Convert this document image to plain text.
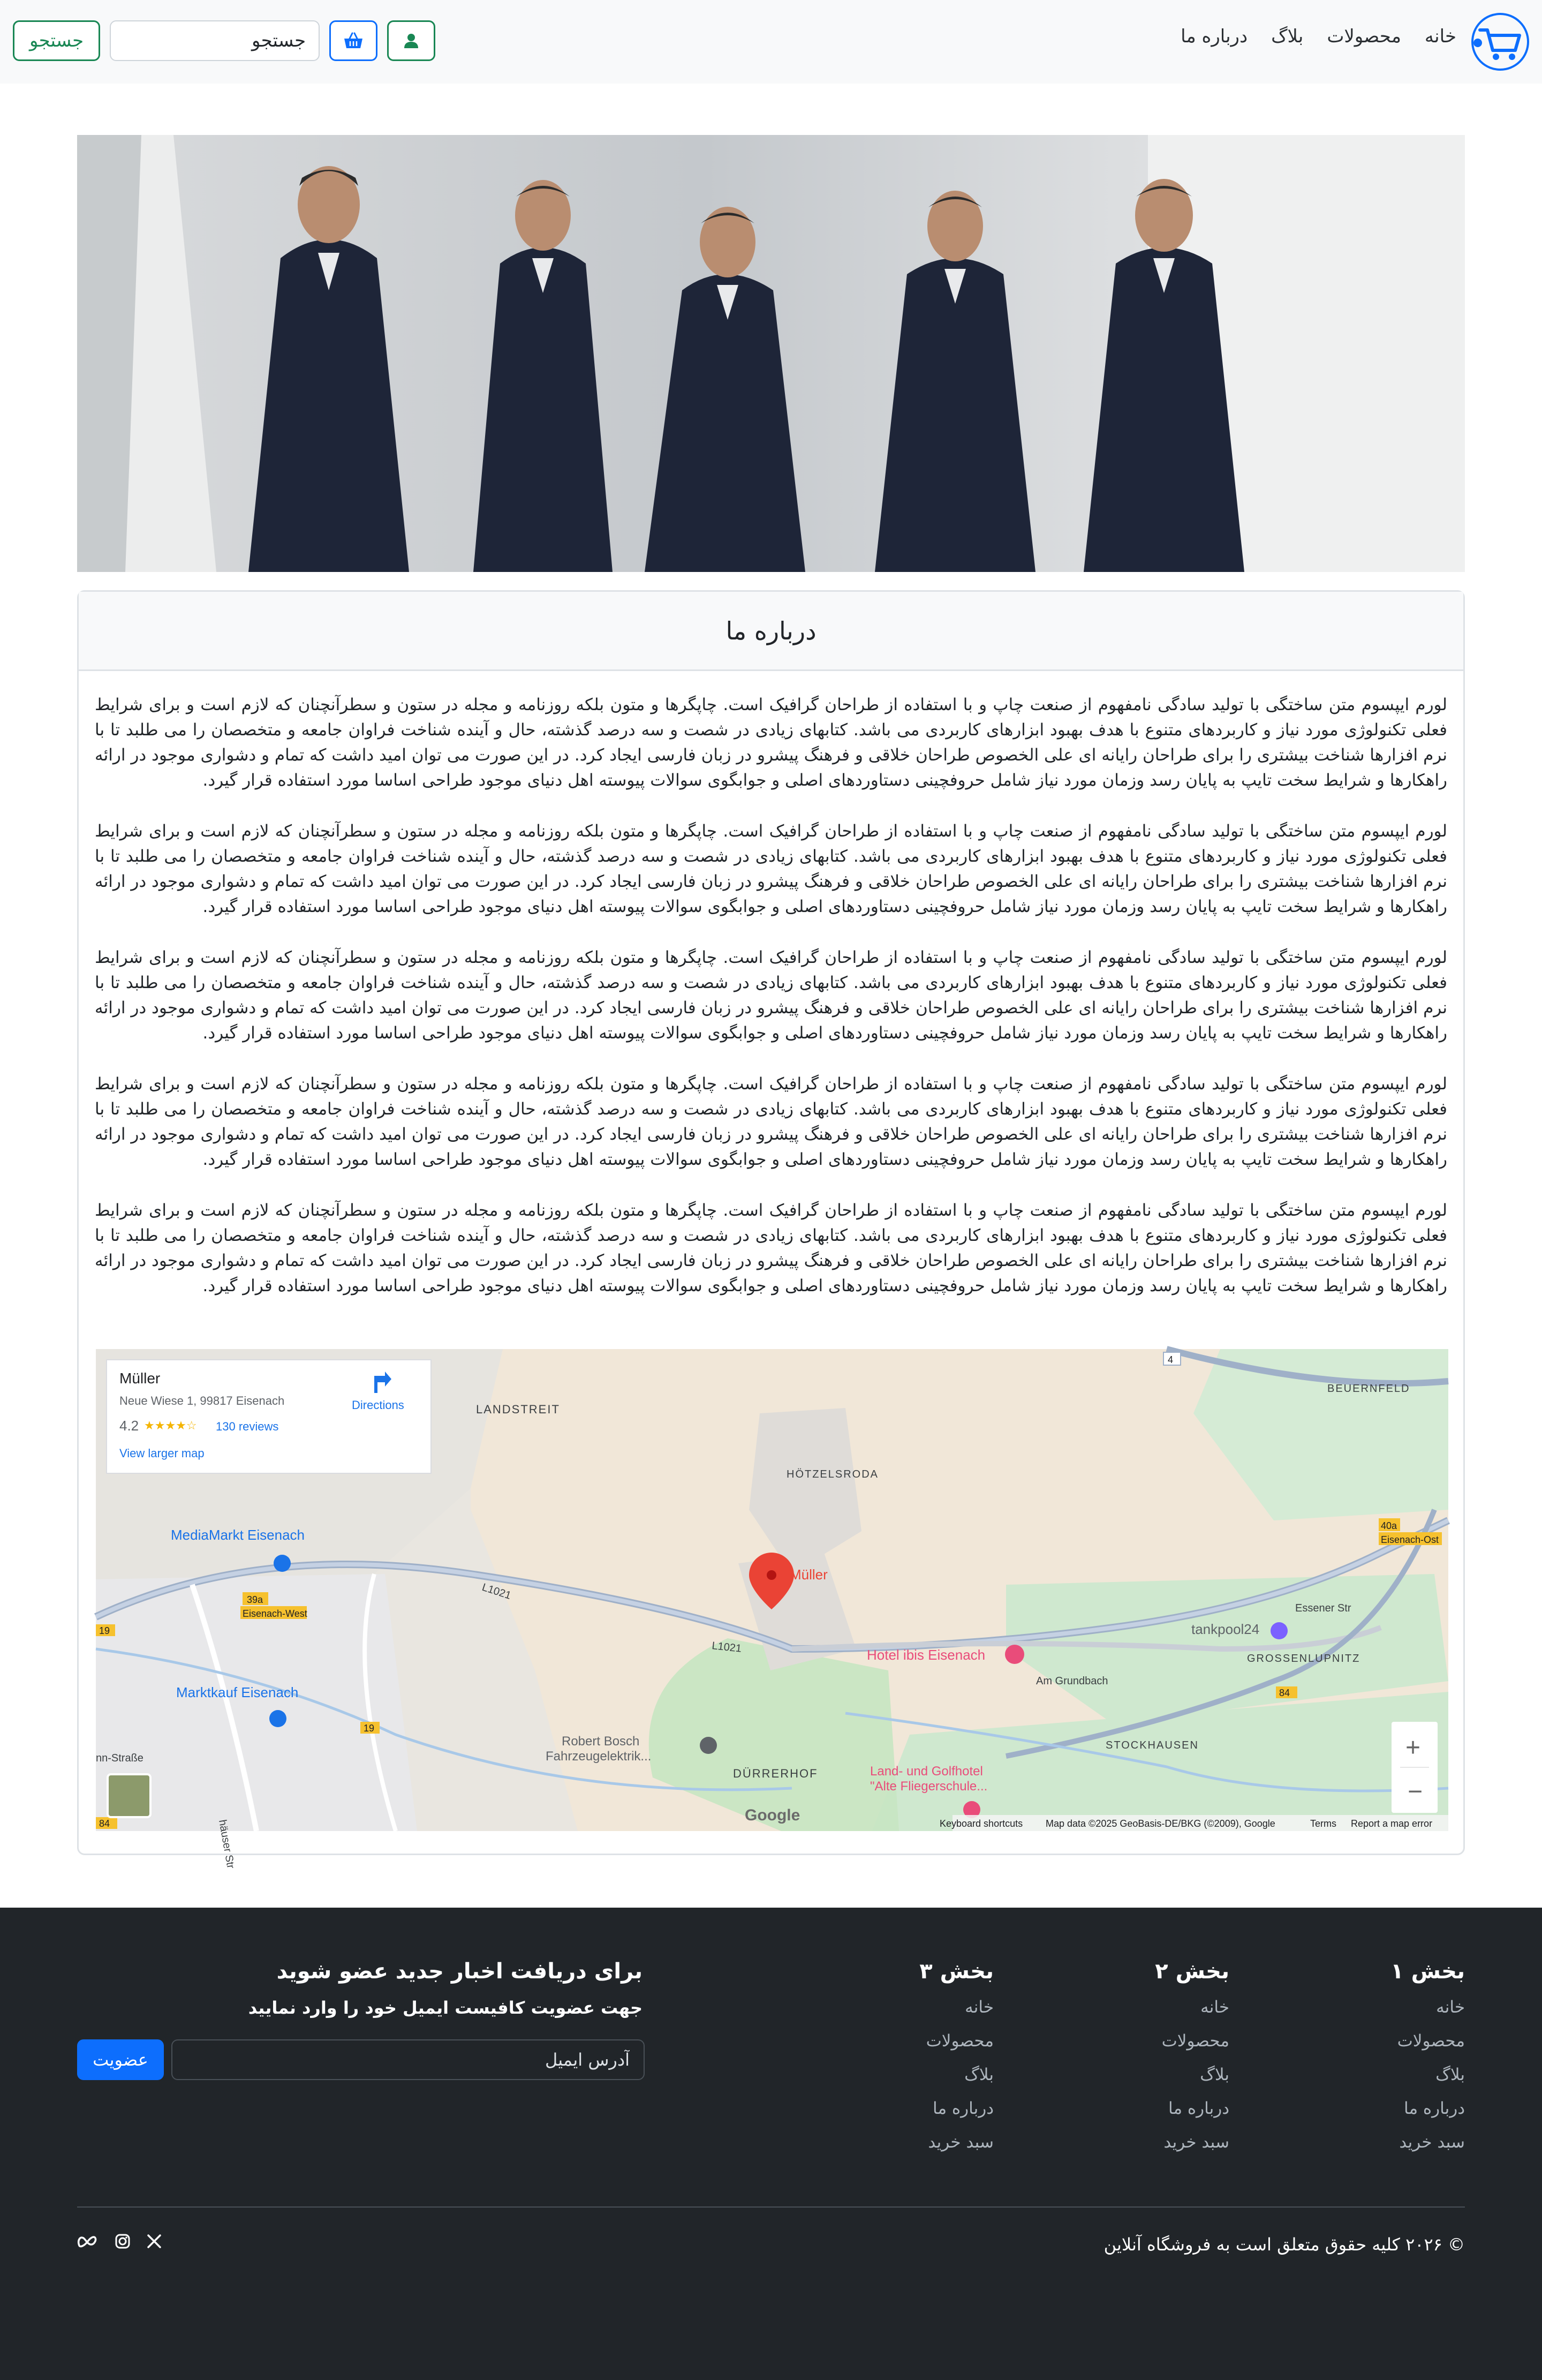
خانه
محصولات
بلاگ
درباره ما
جستجو
جستجو
درباره ما

لورم ایپسوم متن ساختگی با تولید سادگی نامفهوم از صنعت چاپ و با استفاده از طراحان گرافیک است. چاپگرها و متون بلکه روزنامه و مجله در ستون و سطرآنچنان که لازم است و برای شرایط فعلی تکنولوژی مورد نیاز و کاربردهای متنوع با هدف بهبود ابزارهای کاربردی می باشد. کتابهای زیادی در شصت و سه درصد گذشته، حال و آینده شناخت فراوان جامعه و متخصصان را می طلبد تا با نرم افزارها شناخت بیشتری را برای طراحان رایانه ای علی الخصوص طراحان خلاقی و فرهنگ پیشرو در زبان فارسی ایجاد کرد. در این صورت می توان امید داشت که تمام و دشواری موجود در ارائه راهکارها و شرایط سخت تایپ به پایان رسد وزمان مورد نیاز شامل حروفچینی دستاوردهای اصلی و جوابگوی سوالات پیوسته اهل دنیای موجود طراحی اساسا مورد استفاده قرار گیرد.

لورم ایپسوم متن ساختگی با تولید سادگی نامفهوم از صنعت چاپ و با استفاده از طراحان گرافیک است. چاپگرها و متون بلکه روزنامه و مجله در ستون و سطرآنچنان که لازم است و برای شرایط فعلی تکنولوژی مورد نیاز و کاربردهای متنوع با هدف بهبود ابزارهای کاربردی می باشد. کتابهای زیادی در شصت و سه درصد گذشته، حال و آینده شناخت فراوان جامعه و متخصصان را می طلبد تا با نرم افزارها شناخت بیشتری را برای طراحان رایانه ای علی الخصوص طراحان خلاقی و فرهنگ پیشرو در زبان فارسی ایجاد کرد. در این صورت می توان امید داشت که تمام و دشواری موجود در ارائه راهکارها و شرایط سخت تایپ به پایان رسد وزمان مورد نیاز شامل حروفچینی دستاوردهای اصلی و جوابگوی سوالات پیوسته اهل دنیای موجود طراحی اساسا مورد استفاده قرار گیرد.

لورم ایپسوم متن ساختگی با تولید سادگی نامفهوم از صنعت چاپ و با استفاده از طراحان گرافیک است. چاپگرها و متون بلکه روزنامه و مجله در ستون و سطرآنچنان که لازم است و برای شرایط فعلی تکنولوژی مورد نیاز و کاربردهای متنوع با هدف بهبود ابزارهای کاربردی می باشد. کتابهای زیادی در شصت و سه درصد گذشته، حال و آینده شناخت فراوان جامعه و متخصصان را می طلبد تا با نرم افزارها شناخت بیشتری را برای طراحان رایانه ای علی الخصوص طراحان خلاقی و فرهنگ پیشرو در زبان فارسی ایجاد کرد. در این صورت می توان امید داشت که تمام و دشواری موجود در ارائه راهکارها و شرایط سخت تایپ به پایان رسد وزمان مورد نیاز شامل حروفچینی دستاوردهای اصلی و جوابگوی سوالات پیوسته اهل دنیای موجود طراحی اساسا مورد استفاده قرار گیرد.

لورم ایپسوم متن ساختگی با تولید سادگی نامفهوم از صنعت چاپ و با استفاده از طراحان گرافیک است. چاپگرها و متون بلکه روزنامه و مجله در ستون و سطرآنچنان که لازم است و برای شرایط فعلی تکنولوژی مورد نیاز و کاربردهای متنوع با هدف بهبود ابزارهای کاربردی می باشد. کتابهای زیادی در شصت و سه درصد گذشته، حال و آینده شناخت فراوان جامعه و متخصصان را می طلبد تا با نرم افزارها شناخت بیشتری را برای طراحان رایانه ای علی الخصوص طراحان خلاقی و فرهنگ پیشرو در زبان فارسی ایجاد کرد. در این صورت می توان امید داشت که تمام و دشواری موجود در ارائه راهکارها و شرایط سخت تایپ به پایان رسد وزمان مورد نیاز شامل حروفچینی دستاوردهای اصلی و جوابگوی سوالات پیوسته اهل دنیای موجود طراحی اساسا مورد استفاده قرار گیرد.

لورم ایپسوم متن ساختگی با تولید سادگی نامفهوم از صنعت چاپ و با استفاده از طراحان گرافیک است. چاپگرها و متون بلکه روزنامه و مجله در ستون و سطرآنچنان که لازم است و برای شرایط فعلی تکنولوژی مورد نیاز و کاربردهای متنوع با هدف بهبود ابزارهای کاربردی می باشد. کتابهای زیادی در شصت و سه درصد گذشته، حال و آینده شناخت فراوان جامعه و متخصصان را می طلبد تا با نرم افزارها شناخت بیشتری را برای طراحان رایانه ای علی الخصوص طراحان خلاقی و فرهنگ پیشرو در زبان فارسی ایجاد کرد. در این صورت می توان امید داشت که تمام و دشواری موجود در ارائه راهکارها و شرایط سخت تایپ به پایان رسد وزمان مورد نیاز شامل حروفچینی دستاوردهای اصلی و جوابگوی سوالات پیوسته اهل دنیای موجود طراحی اساسا مورد استفاده قرار گیرد.

Müller
Neue Wiese 1, 99817 Eisenach
4.2 ★★★★☆ 130 reviews
View larger map
Directions	LANDSTREIT
HÖTZELSRODA
BEUERNFELD
MediaMarkt Eisenach
39a
Eisenach-West
Marktkauf Eisenach
Hotel ibis Eisenach
tankpool24
GROSSENLUPNITZ
Essener Str
40a
Eisenach-Ost
Am Grundbach
Robert Bosch
Fahrzeugelektrik...
DÜRRERHOF
STOCKHAUSEN
Land- und Golfhotel
"Alte Fliegerschule...
L1021
L1021
19
19
4
84
84
nn-Straße
häuser Str
Müller
+
−
Google	Keyboard shortcuts Map data ©2025 GeoBasis-DE/BKG (©2009), Google	Terms Report a map error
بخش ۱
خانه
محصولات
بلاگ
درباره ما
سبد خرید
بخش ۲
خانه
محصولات
بلاگ
درباره ما
سبد خرید
بخش ۳
خانه
محصولات
بلاگ
درباره ما
سبد خرید
برای دریافت اخبار جدید عضو شوید

جهت عضویت کافیست ایمیل خود را وارد نمایید

عضویت
آدرس ایمیل
© ۲۰۲۶ کلیه حقوق متعلق است به فروشگاه آنلاین
